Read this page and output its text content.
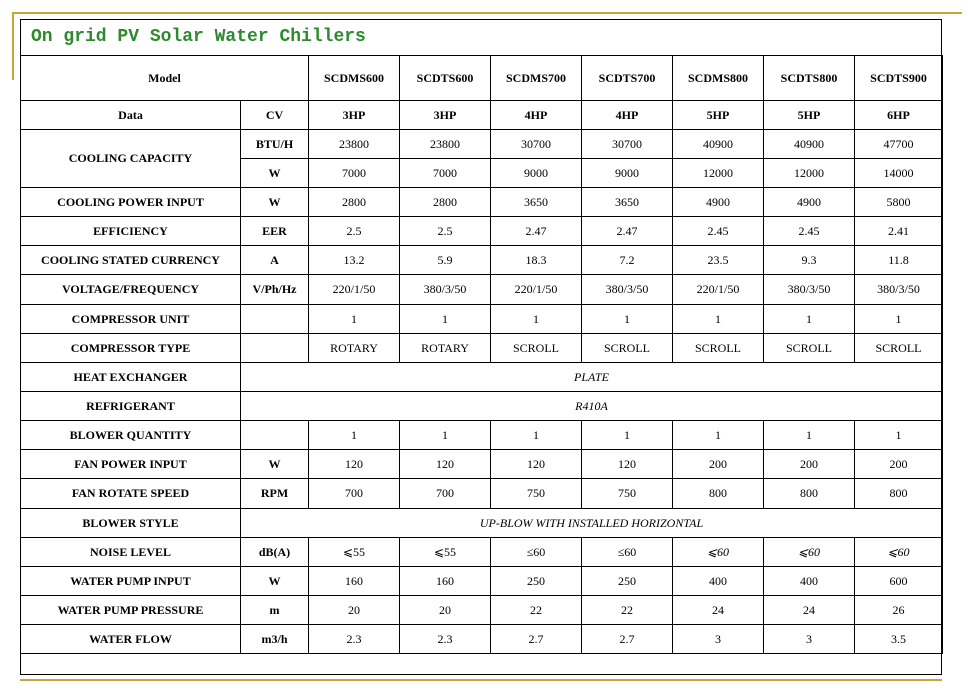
On grid PV Solar Water Chillers
Model		SCDMS600	SCDTS600	SCDMS700	SCDTS700	SCDMS800	SCDTS800	SCDTS900
Data	CV	3HP	3HP	4HP	4HP	5HP	5HP	6HP
COOLING CAPACITY	BTU/H	23800	23800	30700	30700	40900	40900	47700
	W	7000	7000	9000	9000	12000	12000	14000
COOLING POWER INPUT	W	2800	2800	3650	3650	4900	4900	5800
EFFICIENCY	EER	2.5	2.5	2.47	2.47	2.45	2.45	2.41
COOLING STATED CURRENCY	A	13.2	5.9	18.3	7.2	23.5	9.3	11.8
VOLTAGE/FREQUENCY	V/Ph/Hz	220/1/50	380/3/50	220/1/50	380/3/50	220/1/50	380/3/50	380/3/50
COMPRESSOR UNIT		1	1	1	1	1	1	1
COMPRESSOR TYPE		ROTARY	ROTARY	SCROLL	SCROLL	SCROLL	SCROLL	SCROLL
HEAT EXCHANGER	PLATE							
REFRIGERANT	R410A							
BLOWER QUANTITY		1	1	1	1	1	1	1
FAN POWER INPUT	W	120	120	120	120	200	200	200
FAN ROTATE SPEED	RPM	700	700	750	750	800	800	800
BLOWER STYLE	UP-BLOW WITH INSTALLED HORIZONTAL							
NOISE LEVEL	dB(A)	⩽55	⩽55	≤60	≤60	⩽60	⩽60	⩽60
WATER PUMP INPUT	W	160	160	250	250	400	400	600
WATER PUMP PRESSURE	m	20	20	22	22	24	24	26
WATER FLOW	m3/h	2.3	2.3	2.7	2.7	3	3	3.5
